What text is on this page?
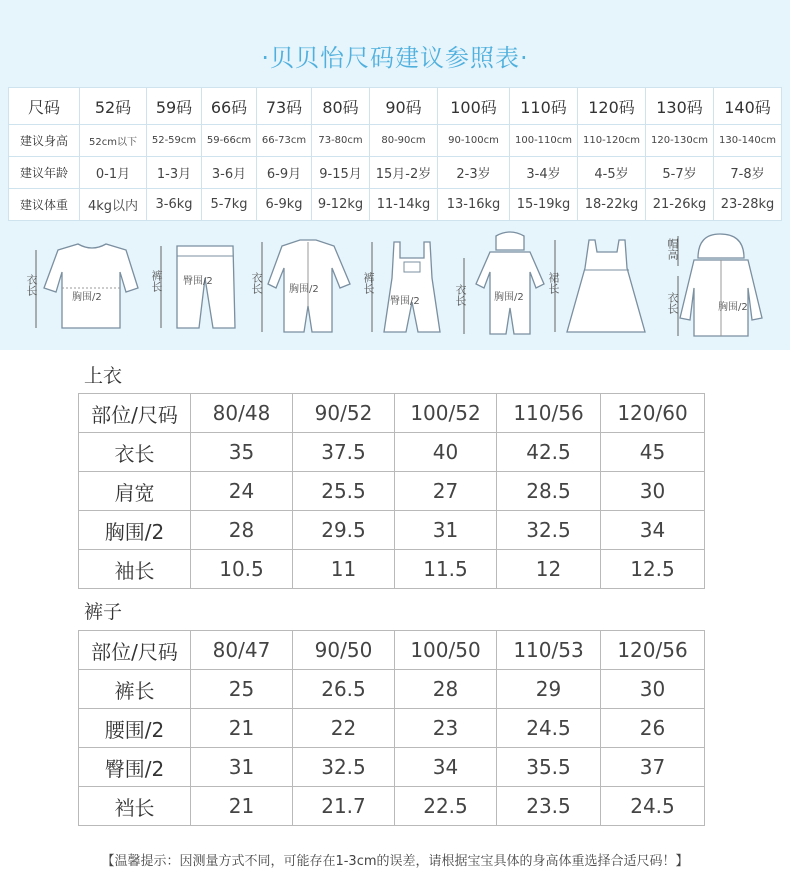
·贝贝怡尺码建议参照表·
尺码	52码	59码	66码	73码	80码	90码	100码	110码	120码	130码	140码
建议身高	52cm以下	52-59cm	59-66cm	66-73cm	73-80cm	80-90cm	90-100cm	100-110cm	110-120cm	120-130cm	130-140cm
建议年龄	0-1月	1-3月	3-6月	6-9月	9-15月	15月-2岁	2-3岁	3-4岁	4-5岁	5-7岁	7-8岁
建议体重	4kg以内	3-6kg	5-7kg	6-9kg	9-12kg	11-14kg	13-16kg	15-19kg	18-22kg	21-26kg	23-28kg
衣长
胸围/2
裤长 臀围/2	衣长	胸围/2	裤长
臀围/2	衣长	胸围/2
裙长
帽高
衣长	胸围/2
上衣
部位/尺码	80/48	90/52	100/52	110/56	120/60
衣长	35	37.5	40	42.5	45
肩宽	24	25.5	27	28.5	30
胸围/2	28	29.5	31	32.5	34
袖长	10.5	11	11.5	12	12.5
裤子
部位/尺码	80/47	90/50	100/50	110/53	120/56
裤长	25	26.5	28	29	30
腰围/2	21	22	23	24.5	26
臀围/2	31	32.5	34	35.5	37
裆长	21	21.7	22.5	23.5	24.5
【温馨提示：因测量方式不同，可能存在1-3cm的误差，请根据宝宝具体的身高体重选择合适尺码！】
